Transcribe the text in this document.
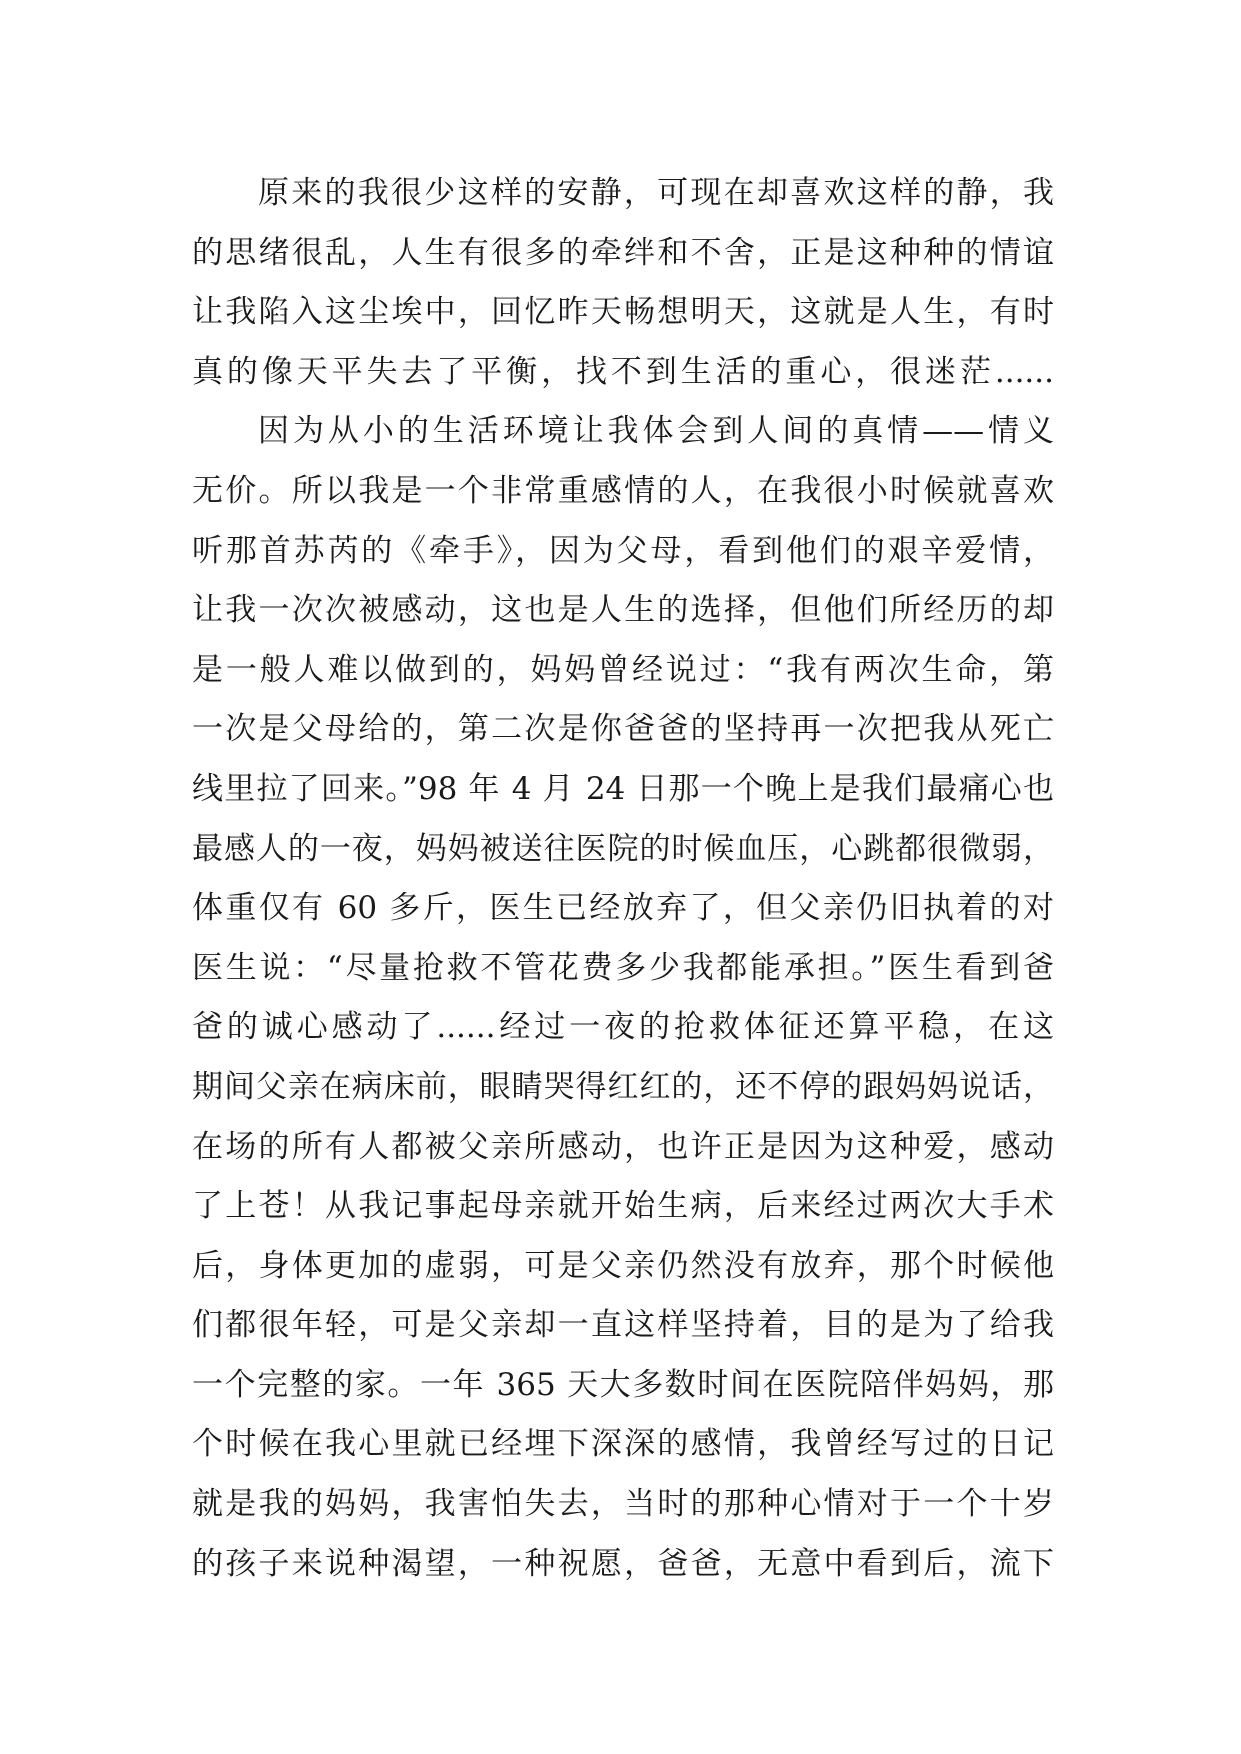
原来的我很少这样的安静，可现在却喜欢这样的静，我
的思绪很乱，人生有很多的牵绊和不舍，正是这种种的情谊
让我陷入这尘埃中，回忆昨天畅想明天，这就是人生，有时
真的像天平失去了平衡，找不到生活的重心，很迷茫......
因为从小的生活环境让我体会到人间的真情——情义
无价。所以我是一个非常重感情的人，在我很小时候就喜欢
听那首苏芮的《牵手》，因为父母，看到他们的艰辛爱情，
让我一次次被感动，这也是人生的选择，但他们所经历的却
是一般人难以做到的，妈妈曾经说过：“我有两次生命，第
一次是父母给的，第二次是你爸爸的坚持再一次把我从死亡
线里拉了回来。”98 年 4 月 24 日那一个晚上是我们最痛心也
最感人的一夜，妈妈被送往医院的时候血压，心跳都很微弱，
体重仅有 60 多斤，医生已经放弃了，但父亲仍旧执着的对
医生说：“尽量抢救不管花费多少我都能承担。”医生看到爸
爸的诚心感动了......经过一夜的抢救体征还算平稳，在这
期间父亲在病床前，眼睛哭得红红的，还不停的跟妈妈说话，
在场的所有人都被父亲所感动，也许正是因为这种爱，感动
了上苍！从我记事起母亲就开始生病，后来经过两次大手术
后，身体更加的虚弱，可是父亲仍然没有放弃，那个时候他
们都很年轻，可是父亲却一直这样坚持着，目的是为了给我
一个完整的家。一年 365 天大多数时间在医院陪伴妈妈，那
个时候在我心里就已经埋下深深的感情，我曾经写过的日记
就是我的妈妈，我害怕失去，当时的那种心情对于一个十岁
的孩子来说种渴望，一种祝愿，爸爸，无意中看到后，流下
